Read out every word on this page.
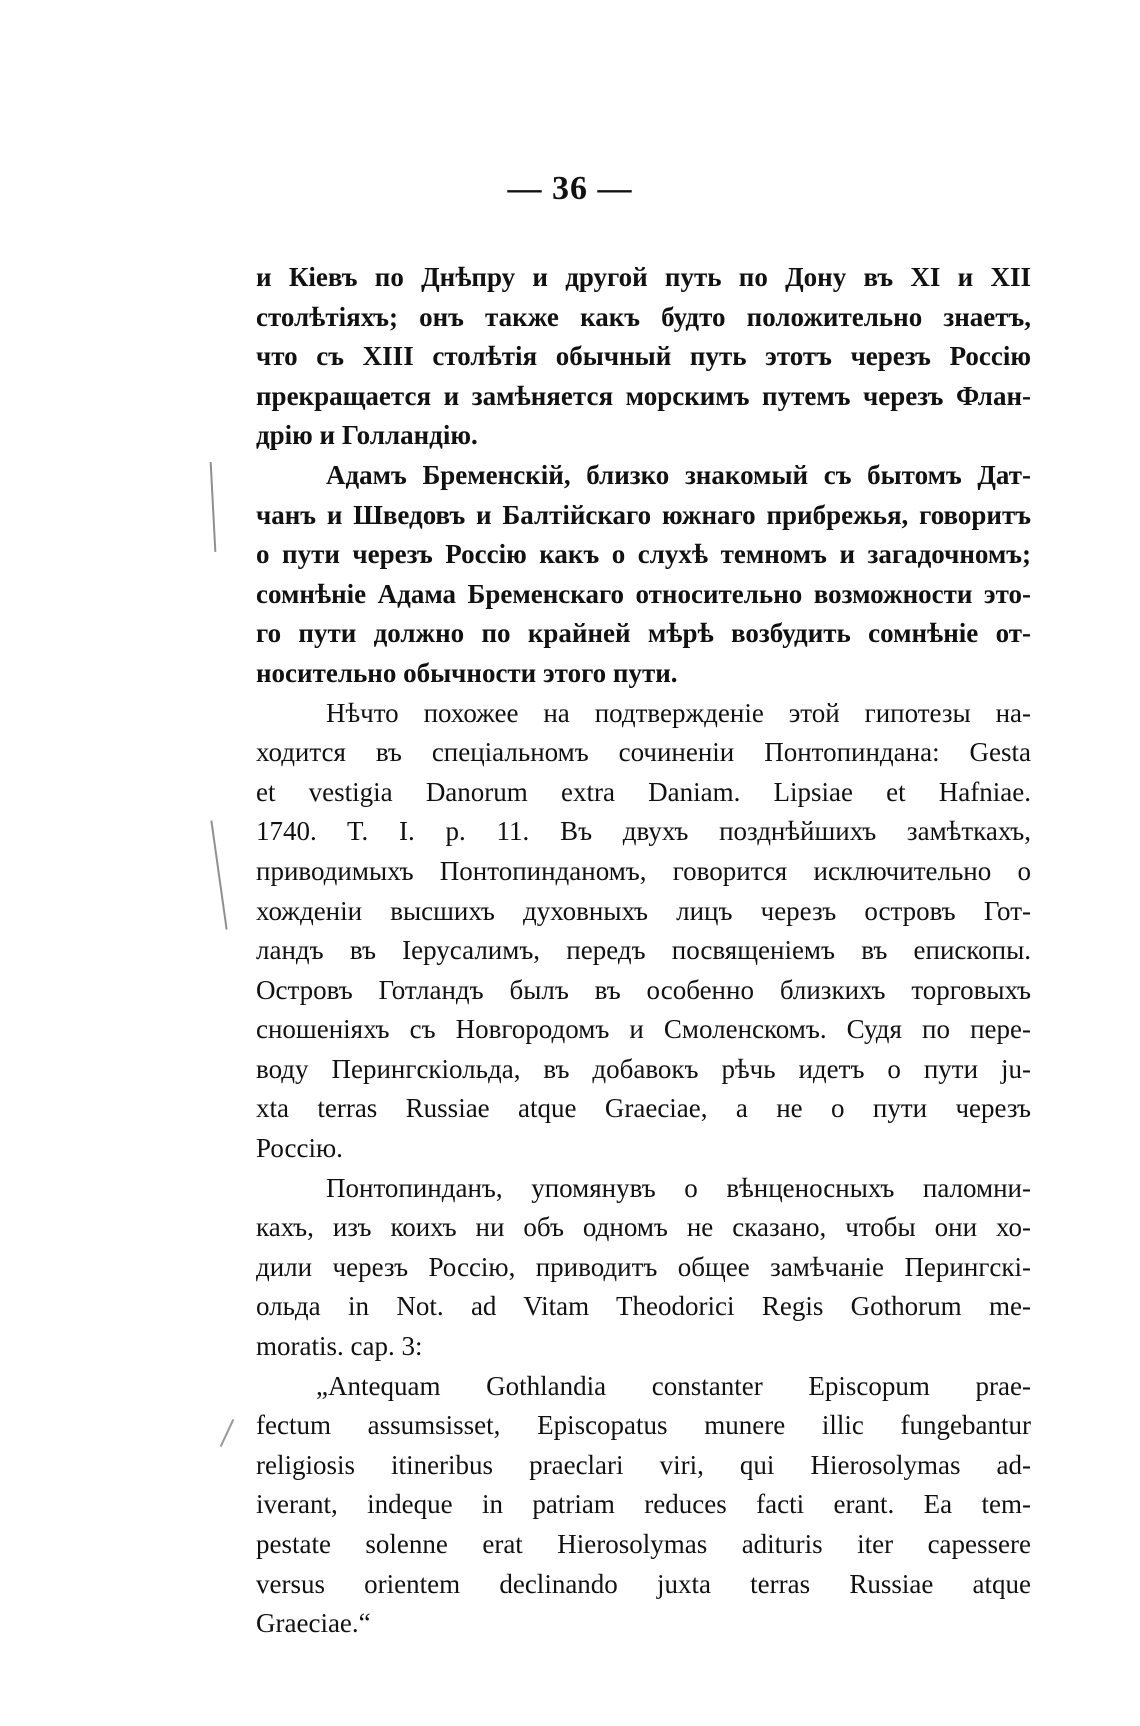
— 36 —
и Кіевъ по Днѣпру и другой путь по Дону въ XI и XII
столѣтіяхъ; онъ также какъ будто положительно знаетъ,
что съ XIII столѣтія обычный путь этотъ черезъ Россію
прекращается и замѣняется морскимъ путемъ черезъ Флан-
дрію и Голландію.
Адамъ Бременскій, близко знакомый съ бытомъ Дат-
чанъ и Шведовъ и Балтійскаго южнаго прибрежья, говоритъ
о пути черезъ Россію какъ о слухѣ темномъ и загадочномъ;
сомнѣніе Адама Бременскаго относительно возможности это-
го пути должно по крайней мѣрѣ возбудить сомнѣніе от-
носительно обычности этого пути.
Нѣчто похожее на подтвержденіе этой гипотезы на-
ходится въ спеціальномъ сочиненіи Понтопиндана: Gesta
et vestigia Danorum extra Daniam. Lipsiae et Hafniae.
1740. T. I. p. 11. Въ двухъ позднѣйшихъ замѣткахъ,
приводимыхъ Понтопинданомъ, говорится исключительно о
хожденіи высшихъ духовныхъ лицъ черезъ островъ Гот-
ландъ въ Іерусалимъ, передъ посвященіемъ въ епископы.
Островъ Готландъ былъ въ особенно близкихъ торговыхъ
сношеніяхъ съ Новгородомъ и Смоленскомъ. Судя по пере-
воду Перингскіольда, въ добавокъ рѣчь идетъ о пути ju-
xta terras Russiae atque Graeciae, а не о пути черезъ
Россію.
Понтопинданъ, упомянувъ о вѣнценосныхъ паломни-
кахъ, изъ коихъ ни объ одномъ не сказано, чтобы они хо-
дили черезъ Россію, приводитъ общее замѣчаніе Перингскі-
ольда in Not. ad Vitam Theodorici Regis Gothorum me-
moratis. cap. 3:
„Antequam Gothlandia constanter Episcopum prae-
fectum assumsisset, Episcopatus munere illic fungebantur
religiosis itineribus praeclari viri, qui Hierosolymas ad-
iverant, indeque in patriam reduces facti erant. Ea tem-
pestate solenne erat Hierosolymas adituris iter capessere
versus orientem declinando juxta terras Russiae atque
Graeciae.“
